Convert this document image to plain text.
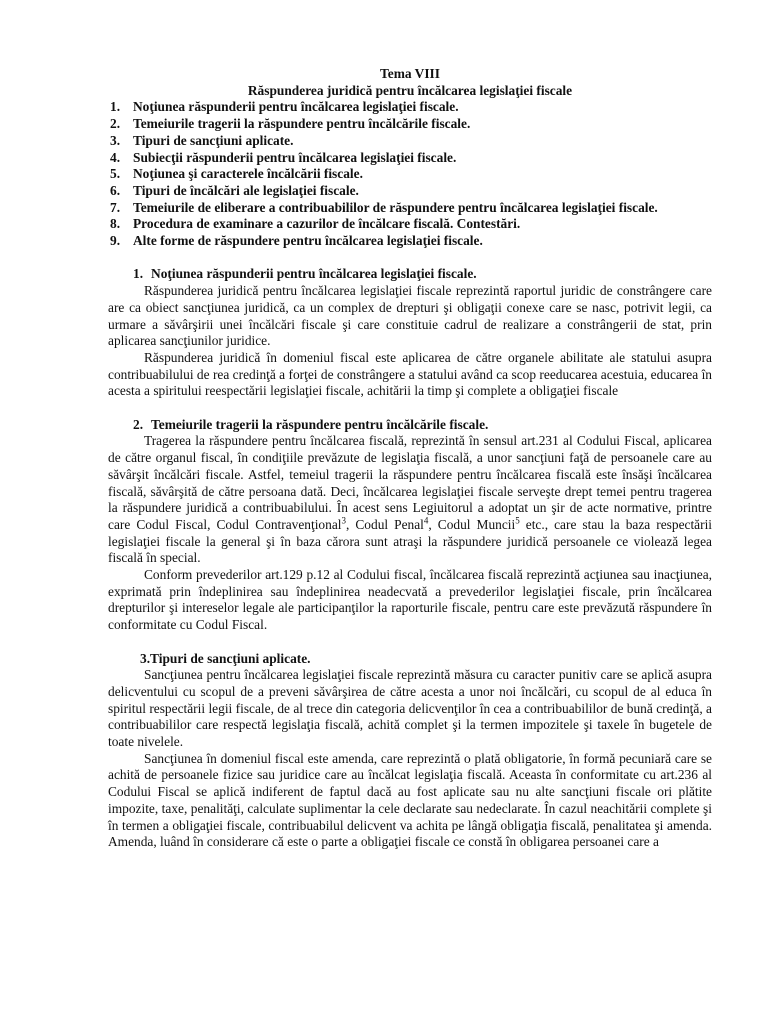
Tema VIII

Răspunderea juridică pentru încălcarea legislaţiei fiscale

1. Noţiunea răspunderii pentru încălcarea legislaţiei fiscale.
2. Temeiurile tragerii la răspundere pentru încălcările fiscale.
3. Tipuri de sancţiuni aplicate.
4. Subiecţii răspunderii pentru încălcarea legislaţiei fiscale.
5. Noţiunea şi caracterele încălcării fiscale.
6. Tipuri de încălcări ale legislaţiei fiscale.
7. Temeiurile de eliberare a contribuabililor de răspundere pentru încălcarea legislaţiei fiscale.
8. Procedura de examinare a cazurilor de încălcare fiscală. Contestări.
9. Alte forme de răspundere pentru încălcarea legislaţiei fiscale.
1. Noţiunea răspunderii pentru încălcarea legislaţiei fiscale.

Răspunderea juridică pentru încălcarea legislaţiei fiscale reprezintă raportul juridic de constrângere care are ca obiect sancţiunea juridică, ca un complex de drepturi şi obligaţii conexe care se nasc, potrivit legii, ca urmare a săvârşirii unei încălcări fiscale şi care constituie cadrul de realizare a constrângerii de stat, prin aplicarea sancţiunilor juridice.

Răspunderea juridică în domeniul fiscal este aplicarea de către organele abilitate ale statului asupra contribuabilului de rea credinţă a forţei de constrângere a statului având ca scop reeducarea acestuia, educarea în acesta a spiritului reespectării legislaţiei fiscale, achitării la timp şi complete a obligaţiei fiscale

2. Temeiurile tragerii la răspundere pentru încălcările fiscale.

Tragerea la răspundere pentru încălcarea fiscală, reprezintă în sensul art.231 al Codului Fiscal, aplicarea de către organul fiscal, în condiţiile prevăzute de legislaţia fiscală, a unor sancţiuni faţă de persoanele care au săvârşit încălcări fiscale. Astfel, temeiul tragerii la răspundere pentru încălcarea fiscală este însăşi încălcarea fiscală, săvârşită de către persoana dată. Deci, încălcarea legislaţiei fiscale serveşte drept temei pentru tragerea la răspundere juridică a contribuabilului. În acest sens Legiuitorul a adoptat un şir de acte normative, printre care Codul Fiscal, Codul Contravenţional$^3$, Codul Penal$^4$, Codul Muncii$^5$ etc., care stau la baza respectării legislaţiei fiscale la general şi în baza cărora sunt atraşi la răspundere juridică persoanele ce violează legea fiscală în special.

Conform prevederilor art.129 p.12 al Codului fiscal, încălcarea fiscală reprezintă acţiunea sau inacţiunea, exprimată prin îndeplinirea sau îndeplinirea neadecvată a prevederilor legislaţiei fiscale, prin încălcarea drepturilor şi intereselor legale ale participanţilor la raporturile fiscale, pentru care este prevăzută răspundere în conformitate cu Codul Fiscal.

3.Tipuri de sancţiuni aplicate.

Sancţiunea pentru încălcarea legislaţiei fiscale reprezintă măsura cu caracter punitiv care se aplică asupra delicventului cu scopul de a preveni săvârşirea de către acesta a unor noi încălcări, cu scopul de al educa în spiritul respectării legii fiscale, de al trece din categoria delicvenţilor în cea a contribuabililor de bună credinţă, a contribuabililor care respectă legislaţia fiscală, achită complet şi la termen impozitele şi taxele în bugetele de toate nivelele.

Sancţiunea în domeniul fiscal este amenda, care reprezintă o plată obligatorie, în formă pecuniară care se achită de persoanele fizice sau juridice care au încălcat legislaţia fiscală. Aceasta în conformitate cu art.236 al Codului Fiscal se aplică indiferent de faptul dacă au fost aplicate sau nu alte sancţiuni fiscale ori plătite impozite, taxe, penalităţi, calculate suplimentar la cele declarate sau nedeclarate. În cazul neachitării complete şi în termen a obligaţiei fiscale, contribuabilul delicvent va achita pe lângă obligaţia fiscală, penalitatea şi amenda. Amenda, luând în considerare că este o parte a obligaţiei fiscale ce constă în obligarea persoanei care a
